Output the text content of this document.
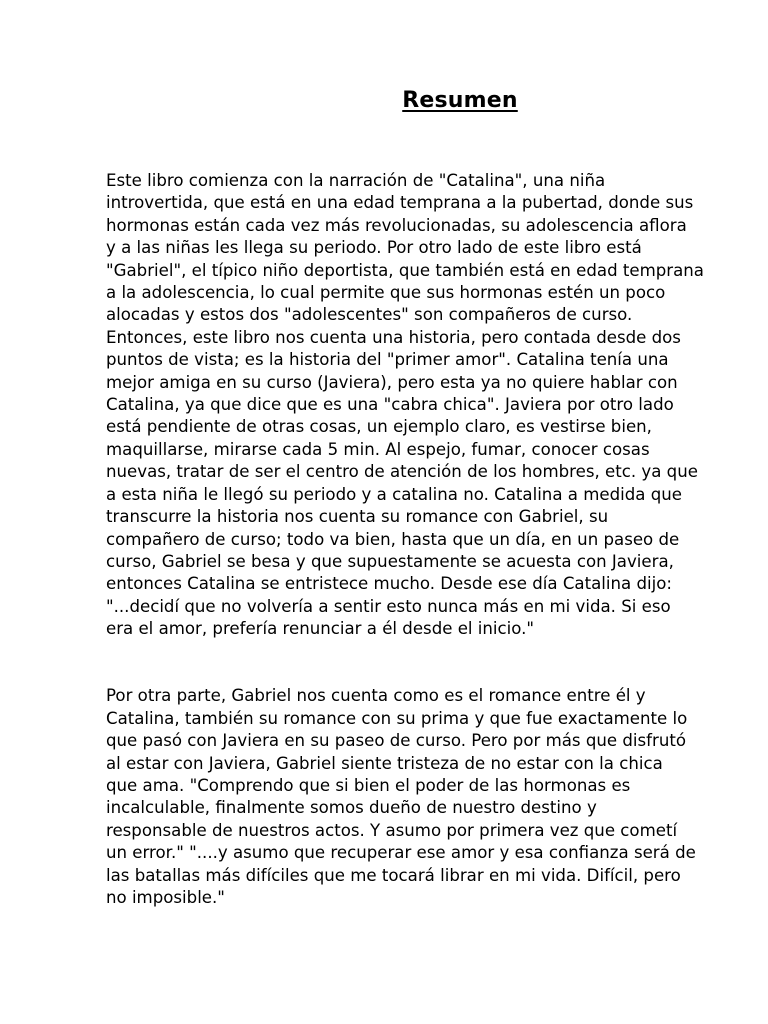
Resumen
Este libro comienza con la narración de "Catalina", una niña
introvertida, que está en una edad temprana a la pubertad, donde sus
hormonas están cada vez más revolucionadas, su adolescencia aflora
y a las niñas les llega su periodo. Por otro lado de este libro está
"Gabriel", el típico niño deportista, que también está en edad temprana
a la adolescencia, lo cual permite que sus hormonas estén un poco
alocadas y estos dos "adolescentes" son compañeros de curso.
Entonces, este libro nos cuenta una historia, pero contada desde dos
puntos de vista; es la historia del "primer amor". Catalina tenía una
mejor amiga en su curso (Javiera), pero esta ya no quiere hablar con
Catalina, ya que dice que es una "cabra chica". Javiera por otro lado
está pendiente de otras cosas, un ejemplo claro, es vestirse bien,
maquillarse, mirarse cada 5 min. Al espejo, fumar, conocer cosas
nuevas, tratar de ser el centro de atención de los hombres, etc. ya que
a esta niña le llegó su periodo y a catalina no. Catalina a medida que
transcurre la historia nos cuenta su romance con Gabriel, su
compañero de curso; todo va bien, hasta que un día, en un paseo de
curso, Gabriel se besa y que supuestamente se acuesta con Javiera,
entonces Catalina se entristece mucho. Desde ese día Catalina dijo:
"...decidí que no volvería a sentir esto nunca más en mi vida. Si eso
era el amor, prefería renunciar a él desde el inicio."
Por otra parte, Gabriel nos cuenta como es el romance entre él y
Catalina, también su romance con su prima y que fue exactamente lo
que pasó con Javiera en su paseo de curso. Pero por más que disfrutó
al estar con Javiera, Gabriel siente tristeza de no estar con la chica
que ama. "Comprendo que si bien el poder de las hormonas es
incalculable, finalmente somos dueño de nuestro destino y
responsable de nuestros actos. Y asumo por primera vez que cometí
un error." "....y asumo que recuperar ese amor y esa confianza será de
las batallas más difíciles que me tocará librar en mi vida. Difícil, pero
no imposible."
